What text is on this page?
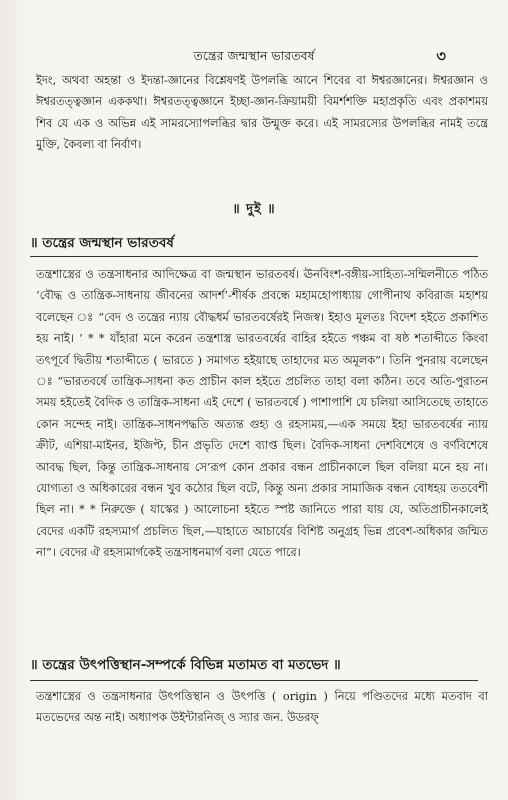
তন্ত্রের জন্মস্থান ভারতবর্ষ	৩
ইদং, অথবা অহন্তা ও ইদন্তা-জ্ঞানের বিশ্লেষণই উপলব্ধি আনে শিবের বা ঈশ্বরজ্ঞানের। ঈশ্বরজ্ঞান ও ঈশ্বরতত্ত্বজ্ঞান এককথা। ঈশ্বরতত্ত্বজ্ঞানে ইচ্ছা-জ্ঞান-ক্রিয়াময়ী বিমর্শশক্তি মহাপ্রকৃতি এবং প্রকাশময় শিব যে এক ও অভিন্ন এই সামরস্যোপলব্ধির দ্বার উন্মুক্ত করে। এই সামরস্যের উপলব্ধির নামই তন্ত্রে মুক্তি, কৈবল্য বা নির্বাণ।
॥ দুই ॥
॥ তন্ত্রের জন্মস্থান ভারতবর্ষ
তন্ত্রশাস্ত্রের ও তন্ত্রসাধনার আদিক্ষেত্র বা জন্মস্থান ভারতবর্ষ। ঊনবিংশ-বঙ্গীয়-সাহিত্য-সম্মিলনীতে পঠিত ‘বৌদ্ধ ও তান্ত্রিক-সাধনায় জীবনের আদর্শ’-শীর্ষক প্রবন্ধে মহামহোপাধ্যায় গোপীনাথ কবিরাজ মহাশয় বলেছেন ঃ “বেদ ও তন্ত্রের ন্যায় বৌদ্ধধর্ম ভারতবর্ষেরই নিজস্ব। ইহাও মূলতঃ বিদেশ হইতে প্রকাশিত হয় নাই। ’ * * যাঁহারা মনে করেন তন্ত্রশাস্ত্র ভারতবর্ষের বাহির হইতে পঞ্চম বা ষষ্ঠ শতাব্দীতে কিংবা তৎপূর্বে দ্বিতীয় শতাব্দীতে ( ভারতে ) সমাগত হইয়াছে তাহাদের মত অমূলক”। তিনি পুনরায় বলেছেন ঃ “ভারতবর্ষে তান্ত্রিক-সাধনা কত প্রাচীন কাল হইতে প্রচলিত তাহা বলা কঠিন। তবে অতি-পুরাতন সময় হইতেই বৈদিক ও তান্ত্রিক-সাধনা এই দেশে ( ভারতবর্ষে ) পাশাপাশি যে চলিয়া আসিতেছে তাহাতে কোন সন্দেহ নাই। তান্ত্রিক-সাধনপদ্ধতি অত্যন্ত গুহ্য ও রহস্যময়,—এক সময়ে ইহা ভারতবর্ষের ন্যায় ক্রীট, এশিয়া-মাইনর, ইজিপ্ট, চীন প্রভৃতি দেশে ব্যাপ্ত ছিল। বৈদিক-সাধনা দেশবিশেষে ও বর্ণবিশেষে আবদ্ধ ছিল, কিন্তু তান্ত্রিক-সাধনায় সে’রূপ কোন প্রকার বন্ধন প্রাচীনকালে ছিল বলিয়া মনে হয় না। যোগ্যতা ও অধিকারের বন্ধন খুব কঠোর ছিল বটে, কিন্তু অন্য প্রকার সামাজিক বন্ধন বোধহয় ততবেশী ছিল না। * * নিরুক্তে ( যাস্কের ) আলোচনা হইতে স্পষ্ট জানিতে পারা যায় যে, অতিপ্রাচীনকালেই বেদের একটি রহস্যমার্গ প্রচলিত ছিল,—যাহাতে আচার্যের বিশিষ্ট অনুগ্রহ ভিন্ন প্রবেশ-অধিকার জন্মিত না”। বেদের ঐ রহস্যমার্গকেই তন্ত্রসাধনমার্গ বলা যেতে পারে।
॥ তন্ত্রের উৎপত্তিস্থান-সম্পর্কে বিভিন্ন মতামত বা মতভেদ ॥
তন্ত্রশাস্ত্রের ও তন্ত্রসাধনার উৎপত্তিস্থান ও উৎপত্তি ( origin ) নিয়ে পণ্ডিতদের মধ্যে মতবাদ বা মতভেদের অন্ত নাই। অধ্যাপক উইন্টারনিজ্ ও স্যার জন. উডরফ্
